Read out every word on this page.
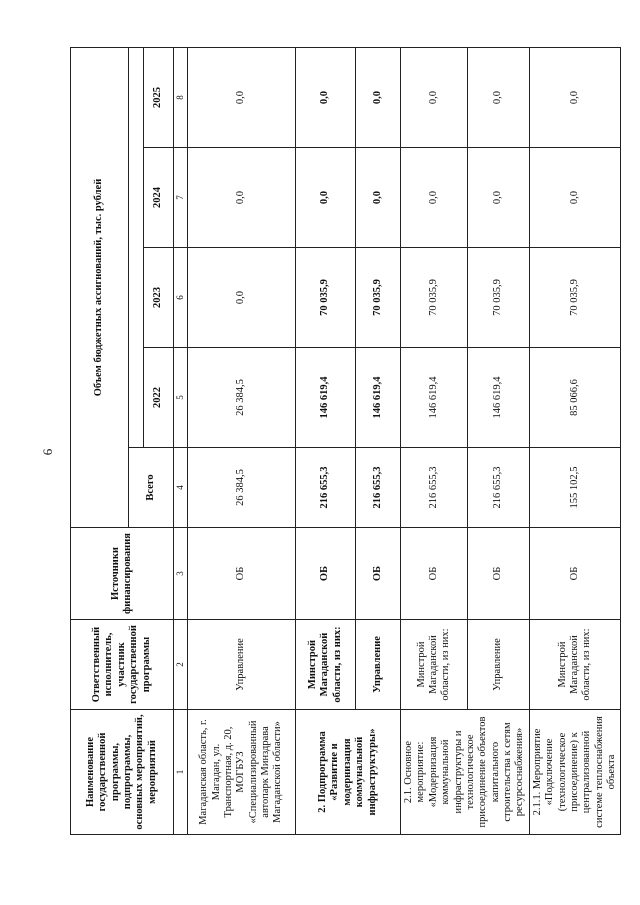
6
Наименование государственной программы, подпрограммы, основных мероприятий, мероприятий	Ответственный исполнитель, участник государственной программы	Источники финансирования	Объем бюджетных ассигнований, тыс. рублей				
			Всего				
				2022	2023	2024	2025
1	2	3	4	5	6	7	8
Магаданская область, г. Магадан, ул. Транспортная, д. 20, МОГБУЗ «Специализированный автопарк Минздрава Магаданской области»	Управление	ОБ	26 384,5	26 384,5	0,0	0,0	0,0
2. Подпрограмма «Развитие и модернизация коммунальной инфраструктуры»	Минстрой Магаданской области, из них:	ОБ	216 655,3	146 619,4	70 035,9	0,0	0,0
	Управление	ОБ	216 655,3	146 619,4	70 035,9	0,0	0,0
2.1. Основное мероприятие: «Модернизация коммунальной инфраструктуры и технологическое присоединение объектов капитального строительства к сетям ресурсоснабжения»	Минстрой Магаданской области, из них:	ОБ	216 655,3	146 619,4	70 035,9	0,0	0,0
	Управление	ОБ	216 655,3	146 619,4	70 035,9	0,0	0,0
2.1.1. Мероприятие «Подключение (технологическое присоединение) к централизованной системе теплоснабжения объекта	Минстрой Магаданской области, из них:	ОБ	155 102,5	85 066,6	70 035,9	0,0	0,0
